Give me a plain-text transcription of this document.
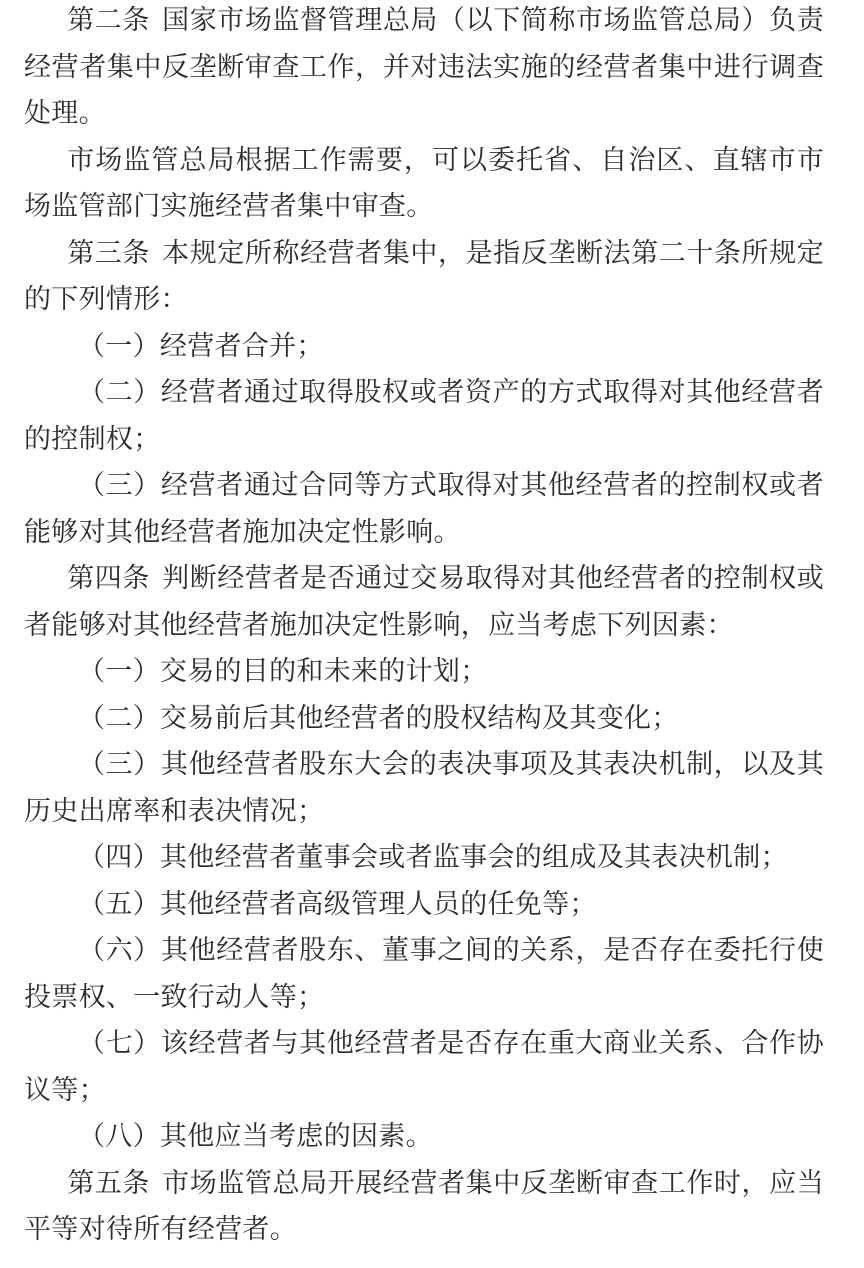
第二条 国家市场监督管理总局（以下简称市场监管总局）负责经营者集中反垄断审查工作，并对违法实施的经营者集中进行调查处理。

市场监管总局根据工作需要，可以委托省、自治区、直辖市市场监管部门实施经营者集中审查。

第三条 本规定所称经营者集中，是指反垄断法第二十条所规定的下列情形：

（一）经营者合并；

（二）经营者通过取得股权或者资产的方式取得对其他经营者的控制权；

（三）经营者通过合同等方式取得对其他经营者的控制权或者能够对其他经营者施加决定性影响。

第四条 判断经营者是否通过交易取得对其他经营者的控制权或者能够对其他经营者施加决定性影响，应当考虑下列因素：

（一）交易的目的和未来的计划；

（二）交易前后其他经营者的股权结构及其变化；

（三）其他经营者股东大会的表决事项及其表决机制，以及其历史出席率和表决情况；

（四）其他经营者董事会或者监事会的组成及其表决机制；

（五）其他经营者高级管理人员的任免等；

（六）其他经营者股东、董事之间的关系，是否存在委托行使投票权、一致行动人等；

（七）该经营者与其他经营者是否存在重大商业关系、合作协议等；

（八）其他应当考虑的因素。

第五条 市场监管总局开展经营者集中反垄断审查工作时，应当平等对待所有经营者。
